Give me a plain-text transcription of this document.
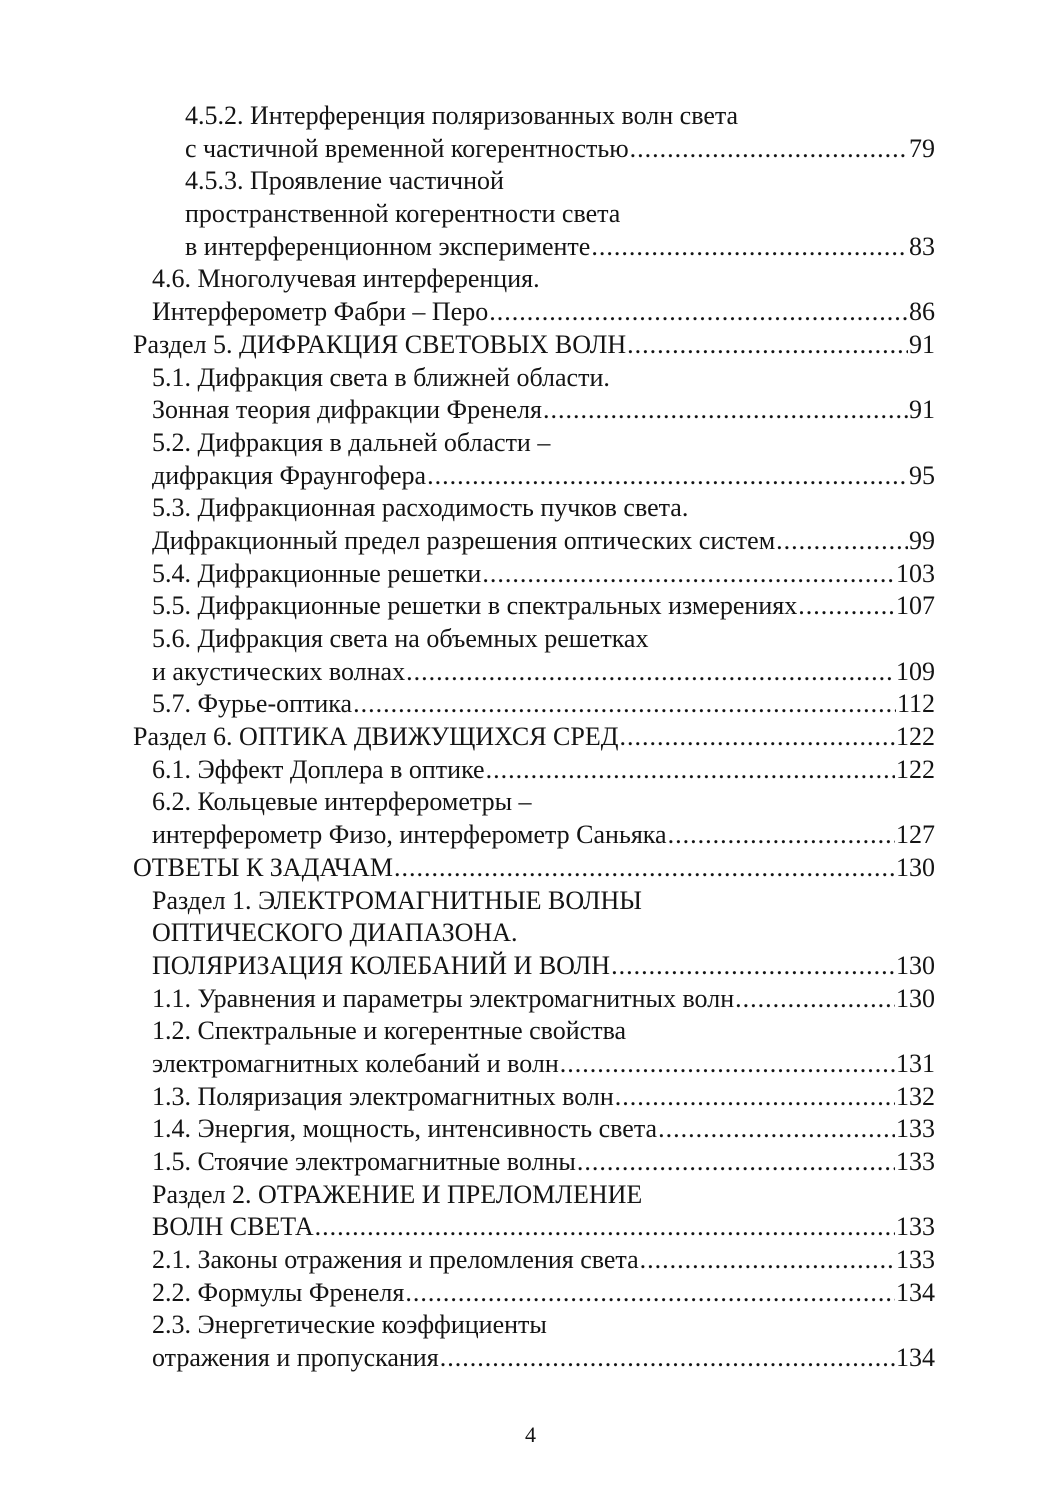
4.5.2. Интерференция поляризованных волн света
с частичной временной когерентностью .....	79
4.5.3. Проявление частичной
пространственной когерентности света
в интерференционном эксперименте .....	83
4.6. Многолучевая интерференция.
Интерферометр Фабри – Перо .....	86
Раздел 5. ДИФРАКЦИЯ СВЕТОВЫХ ВОЛН .....	91
5.1. Дифракция света в ближней области.
Зонная теория дифракции Френеля .....	91
5.2. Дифракция в дальней области –
дифракция Фраунгофера .....	95
5.3. Дифракционная расходимость пучков света.
Дифракционный предел разрешения оптических систем .....	99
5.4. Дифракционные решетки .....	103
5.5. Дифракционные решетки в спектральных измерениях .....	107
5.6. Дифракция света на объемных решетках
и акустических волнах .....	109
5.7. Фурье-оптика .....	112
Раздел 6. ОПТИКА ДВИЖУЩИХСЯ СРЕД .....	122
6.1. Эффект Доплера в оптике .....	122
6.2. Кольцевые интерферометры –
интерферометр Физо, интерферометр Саньяка .....	127
ОТВЕТЫ К ЗАДАЧАМ .....	130
Раздел 1. ЭЛЕКТРОМАГНИТНЫЕ ВОЛНЫ
ОПТИЧЕСКОГО ДИАПАЗОНА.
ПОЛЯРИЗАЦИЯ КОЛЕБАНИЙ И ВОЛН .....	130
1.1. Уравнения и параметры электромагнитных волн .....	130
1.2. Спектральные и когерентные свойства
электромагнитных колебаний и волн .....	131
1.3. Поляризация электромагнитных волн .....	132
1.4. Энергия, мощность, интенсивность света .....	133
1.5. Стоячие электромагнитные волны .....	133
Раздел 2. ОТРАЖЕНИЕ И ПРЕЛОМЛЕНИЕ
ВОЛН СВЕТА .....	133
2.1. Законы отражения и преломления света .....	133
2.2. Формулы Френеля .....	134
2.3. Энергетические коэффициенты
отражения и пропускания .....	134
4
